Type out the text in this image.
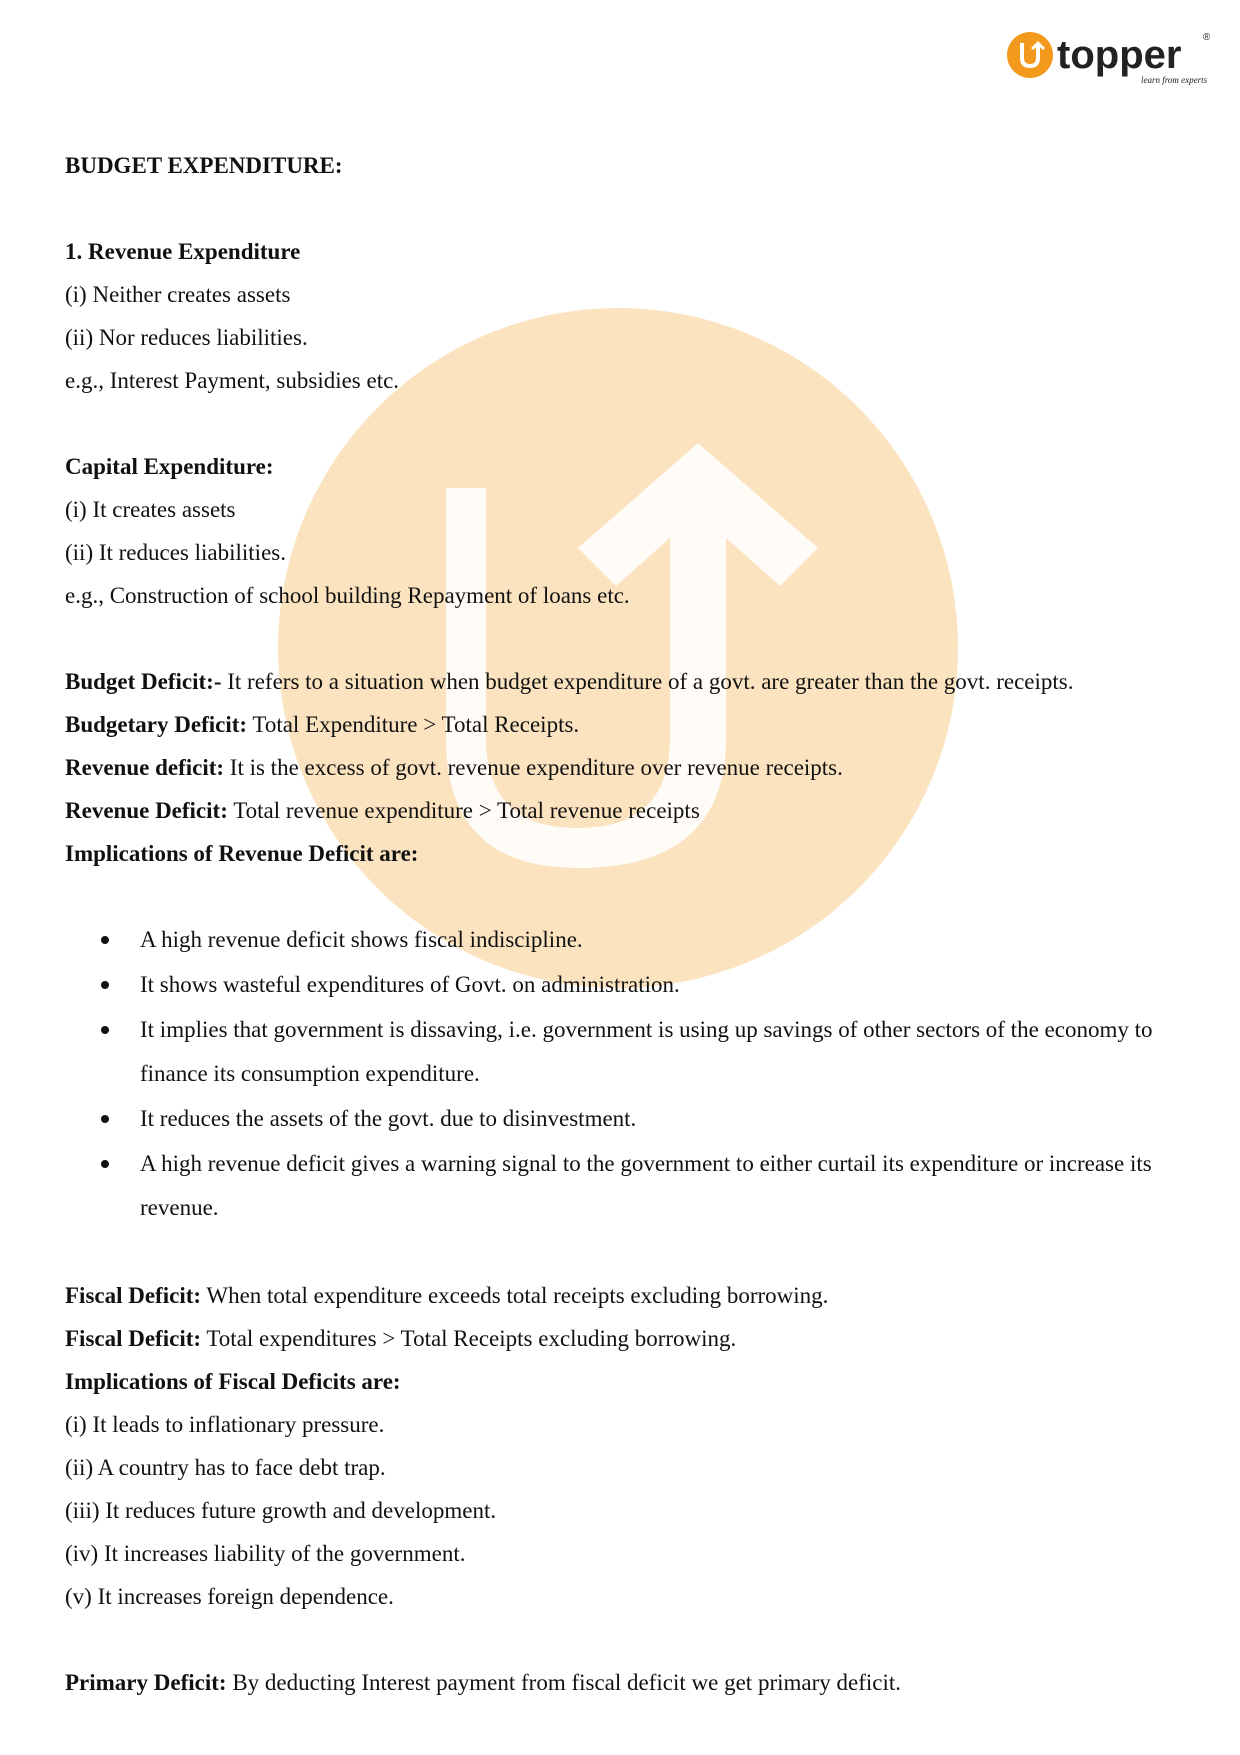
topper ®
learn from experts
BUDGET EXPENDITURE:
1. Revenue Expenditure
(i) Neither creates assets
(ii) Nor reduces liabilities.
e.g., Interest Payment, subsidies etc.
Capital Expenditure:
(i) It creates assets
(ii) It reduces liabilities.
e.g., Construction of school building Repayment of loans etc.
Budget Deficit:- It refers to a situation when budget expenditure of a govt. are greater than the govt. receipts.
Budgetary Deficit: Total Expenditure > Total Receipts.
Revenue deficit: It is the excess of govt. revenue expenditure over revenue receipts.
Revenue Deficit: Total revenue expenditure > Total revenue receipts
Implications of Revenue Deficit are:
A high revenue deficit shows fiscal indiscipline.
It shows wasteful expenditures of Govt. on administration.
It implies that government is dissaving, i.e. government is using up savings of other sectors of the economy to finance its consumption expenditure.
It reduces the assets of the govt. due to disinvestment.
A high revenue deficit gives a warning signal to the government to either curtail its expenditure or increase its revenue.
Fiscal Deficit: When total expenditure exceeds total receipts excluding borrowing.
Fiscal Deficit: Total expenditures > Total Receipts excluding borrowing.
Implications of Fiscal Deficits are:
(i) It leads to inflationary pressure.
(ii) A country has to face debt trap.
(iii) It reduces future growth and development.
(iv) It increases liability of the government.
(v) It increases foreign dependence.
Primary Deficit: By deducting Interest payment from fiscal deficit we get primary deficit.
